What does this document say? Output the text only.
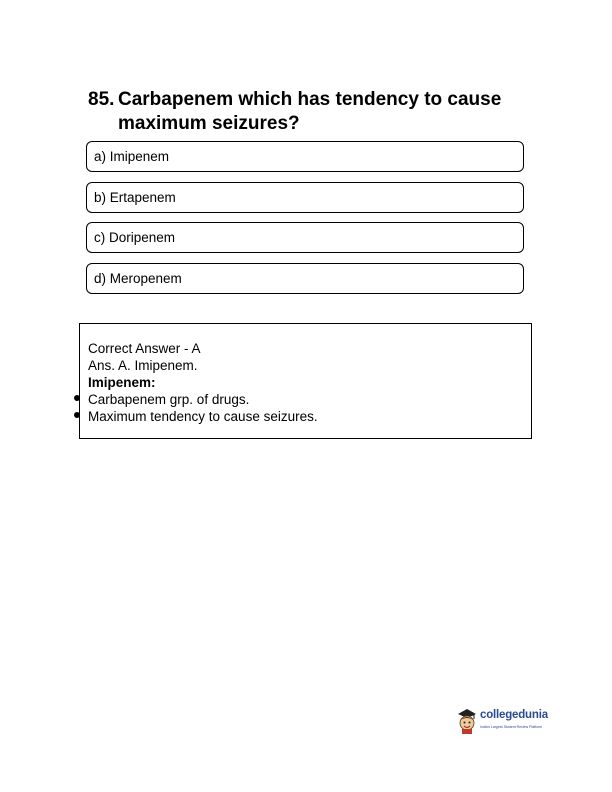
85. Carbapenem which has tendency to cause maximum seizures?
a) Imipenem
b) Ertapenem
c) Doripenem
d) Meropenem
Correct Answer - A
Ans. A. Imipenem.
Imipenem:
Carbapenem grp. of drugs.
Maximum tendency to cause seizures.
collegedunia
India's Largest Student Review Platform
